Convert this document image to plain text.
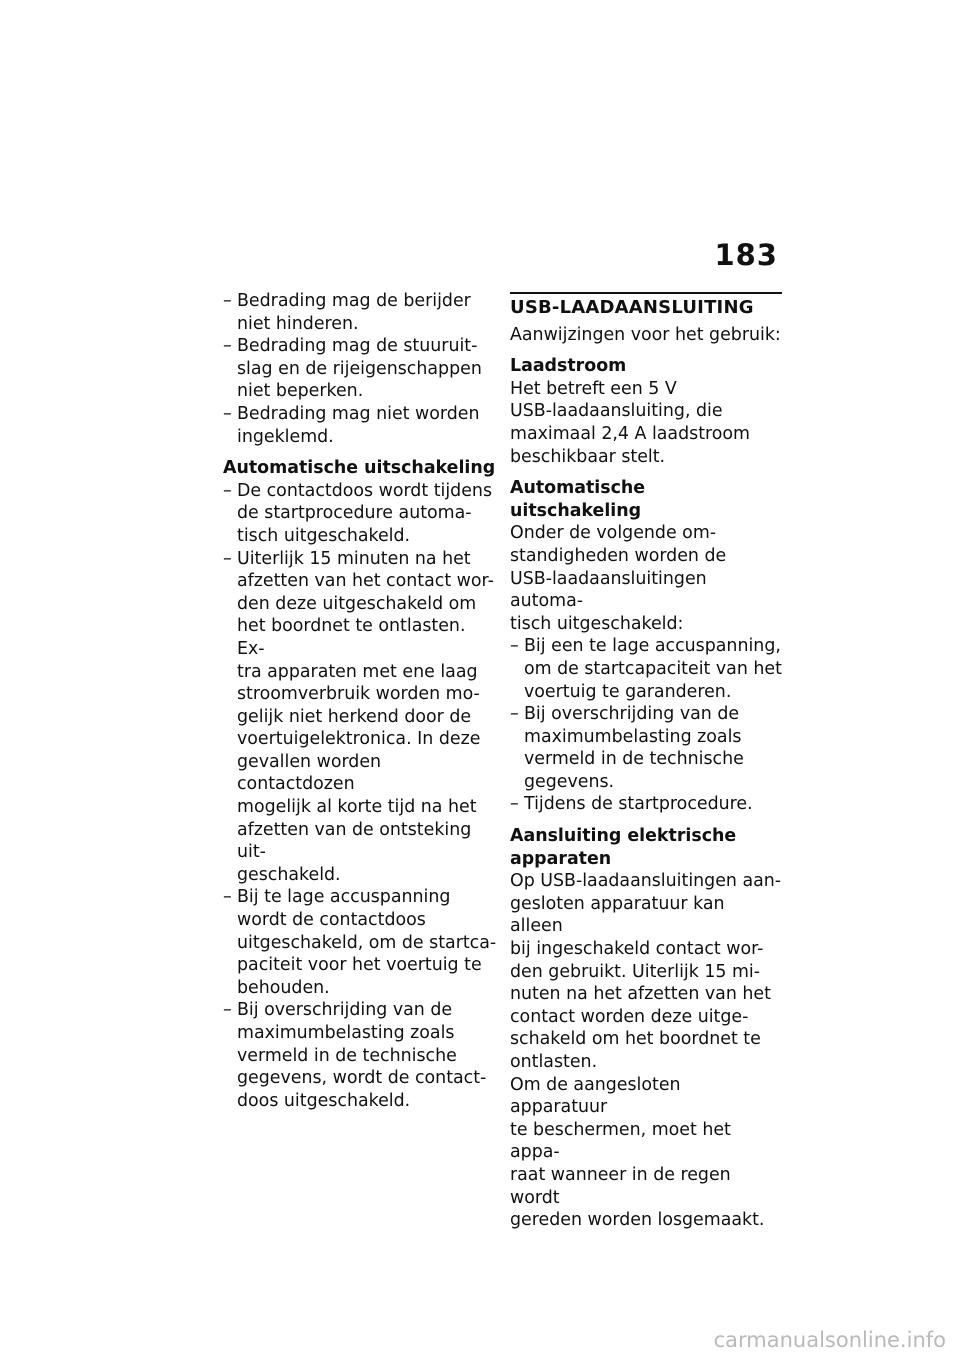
183
– Bedrading mag de berijder
niet hinderen.
– Bedrading mag de stuuruit-
slag en de rijeigenschappen
niet beperken.
– Bedrading mag niet worden
ingeklemd.
Automatische uitschakeling
– De contactdoos wordt tijdens
de startprocedure automa-
tisch uitgeschakeld.
– Uiterlijk 15 minuten na het
afzetten van het contact wor-
den deze uitgeschakeld om
het boordnet te ontlasten. Ex-
tra apparaten met ene laag
stroomverbruik worden mo-
gelijk niet herkend door de
voertuigelektronica. In deze
gevallen worden contactdozen
mogelijk al korte tijd na het
afzetten van de ontsteking uit-
geschakeld.
– Bij te lage accuspanning
wordt de contactdoos
uitgeschakeld, om de startca-
paciteit voor het voertuig te
behouden.
– Bij overschrijding van de
maximumbelasting zoals
vermeld in de technische
gegevens, wordt de contact-
doos uitgeschakeld.
USB-LAADAANSLUITING
Aanwijzingen voor het gebruik:
Laadstroom
Het betreft een 5 V
USB-laadaansluiting, die
maximaal 2,4 A laadstroom
beschikbaar stelt.
Automatische uitschakeling
Onder de volgende om-
standigheden worden de
USB-laadaansluitingen automa-
tisch uitgeschakeld:
– Bij een te lage accuspanning,
om de startcapaciteit van het
voertuig te garanderen.
– Bij overschrijding van de
maximumbelasting zoals
vermeld in de technische
gegevens.
– Tijdens de startprocedure.
Aansluiting elektrische
apparaten
Op USB-laadaansluitingen aan-
gesloten apparatuur kan alleen
bij ingeschakeld contact wor-
den gebruikt. Uiterlijk 15 mi-
nuten na het afzetten van het
contact worden deze uitge-
schakeld om het boordnet te
ontlasten.
Om de aangesloten apparatuur
te beschermen, moet het appa-
raat wanneer in de regen wordt
gereden worden losgemaakt.
carmanualsonline.info
